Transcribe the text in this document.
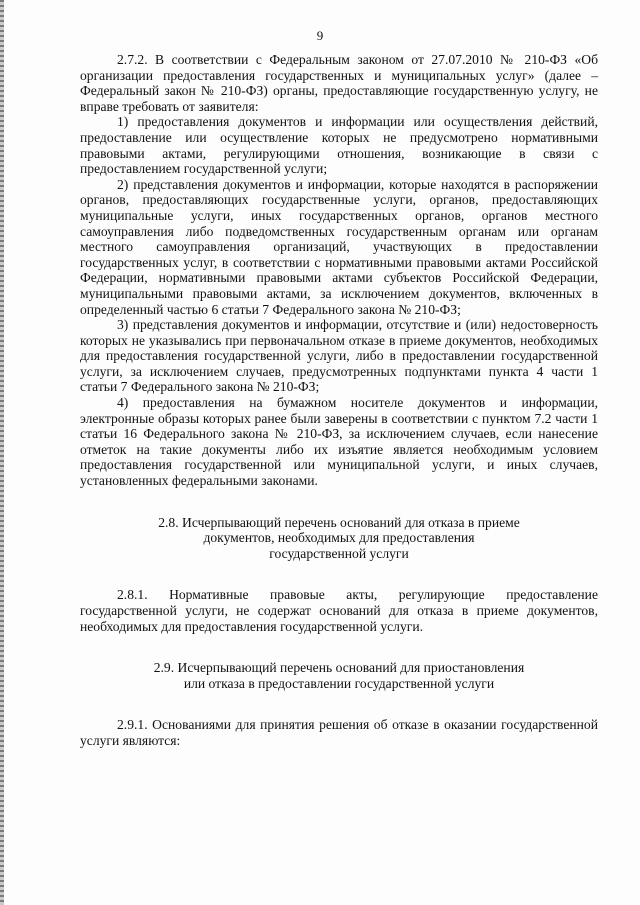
9

2.7.2. В соответствии с Федеральным законом от 27.07.2010 № 210-ФЗ «Об организации предоставления государственных и муниципальных услуг» (далее – Федеральный закон № 210-ФЗ) органы, предоставляющие государственную услугу, не вправе требовать от заявителя:

1) предоставления документов и информации или осуществления действий, предоставление или осуществление которых не предусмотрено нормативными правовыми актами, регулирующими отношения, возникающие в связи с предоставлением государственной услуги;

2) представления документов и информации, которые находятся в распоряжении органов, предоставляющих государственные услуги, органов, предоставляющих муниципальные услуги, иных государственных органов, органов местного самоуправления либо подведомственных государственным органам или органам местного самоуправления организаций, участвующих в предоставлении государственных услуг, в соответствии с нормативными правовыми актами Российской Федерации, нормативными правовыми актами субъектов Российской Федерации, муниципальными правовыми актами, за исключением документов, включенных в определенный частью 6 статьи 7 Федерального закона № 210-ФЗ;

3) представления документов и информации, отсутствие и (или) недостоверность которых не указывались при первоначальном отказе в приеме документов, необходимых для предоставления государственной услуги, либо в предоставлении государственной услуги, за исключением случаев, предусмотренных подпунктами пункта 4 части 1 статьи 7 Федерального закона № 210-ФЗ;

4) предоставления на бумажном носителе документов и информации, электронные образы которых ранее были заверены в соответствии с пунктом 7.2 части 1 статьи 16 Федерального закона № 210-ФЗ, за исключением случаев, если нанесение отметок на такие документы либо их изъятие является необходимым условием предоставления государственной или муниципальной услуги, и иных случаев, установленных федеральными законами.

2.8. Исчерпывающий перечень оснований для отказа в приеме

документов, необходимых для предоставления

государственной услуги

2.8.1. Нормативные правовые акты, регулирующие предоставление государственной услуги, не содержат оснований для отказа в приеме документов, необходимых для предоставления государственной услуги.

2.9. Исчерпывающий перечень оснований для приостановления

или отказа в предоставлении государственной услуги

2.9.1. Основаниями для принятия решения об отказе в оказании государственной услуги являются:
